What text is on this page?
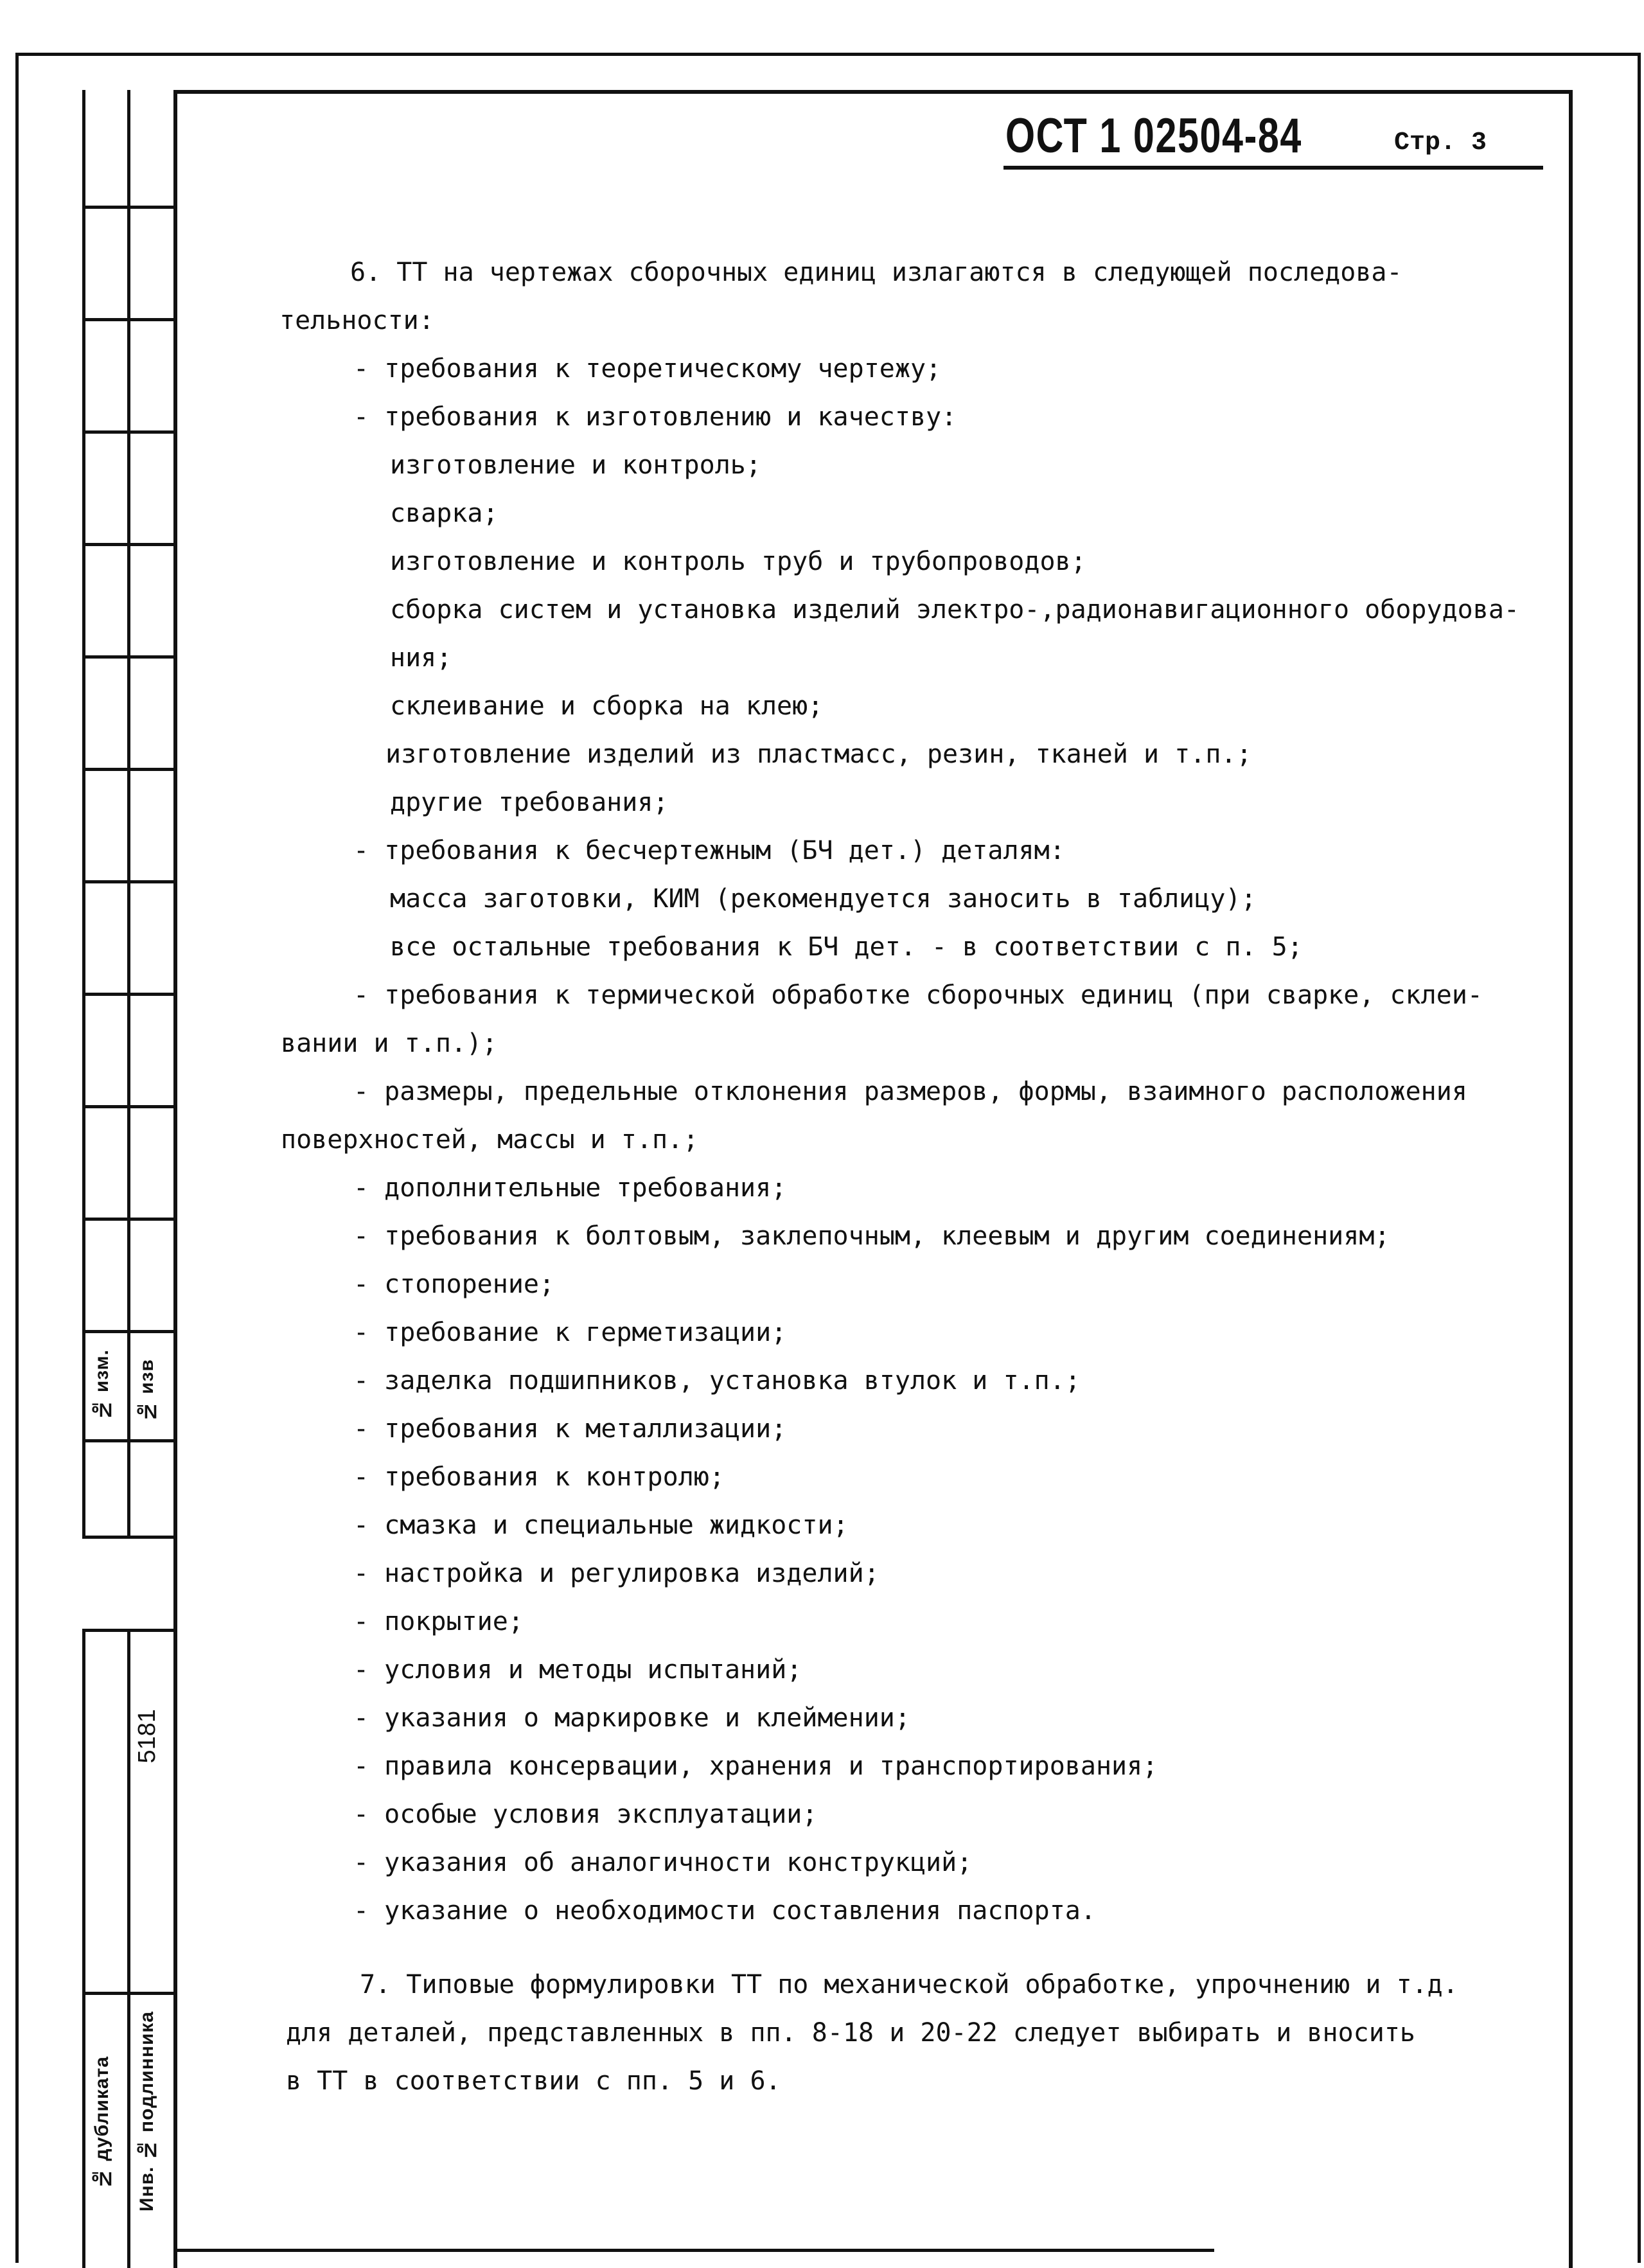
№ изм. № изв
5181
№ дубликата Инв. № подлинника
ОСТ 1 02504-84	Стр. 3
6. ТТ на чертежах сборочных единиц излагаются в следующей последова-
тельности:
- требования к теоретическому чертежу;
- требования к изготовлению и качеству:
изготовление и контроль;
сварка;
изготовление и контроль труб и трубопроводов;
сборка систем и установка изделий электро-,радионавигационного оборудова-
ния;
склеивание и сборка на клею;
изготовление изделий из пластмасс, резин, тканей и т.п.;
другие требования;
- требования к бесчертежным (БЧ дет.) деталям:
масса заготовки, КИМ (рекомендуется заносить в таблицу);
все остальные требования к БЧ дет. - в соответствии с п. 5;
- требования к термической обработке сборочных единиц (при сварке, склеи-
вании и т.п.);
- размеры, предельные отклонения размеров, формы, взаимного расположения
поверхностей, массы и т.п.;
- дополнительные требования;
- требования к болтовым, заклепочным, клеевым и другим соединениям;
- стопорение;
- требование к герметизации;
- заделка подшипников, установка втулок и т.п.;
- требования к металлизации;
- требования к контролю;
- смазка и специальные жидкости;
- настройка и регулировка изделий;
- покрытие;
- условия и методы испытаний;
- указания о маркировке и клеймении;
- правила консервации, хранения и транспортирования;
- особые условия эксплуатации;
- указания об аналогичности конструкций;
- указание о необходимости составления паспорта.
7. Типовые формулировки ТТ по механической обработке, упрочнению и т.д.
для деталей, представленных в пп. 8-18 и 20-22 следует выбирать и вносить
в ТТ в соответствии с пп. 5 и 6.
